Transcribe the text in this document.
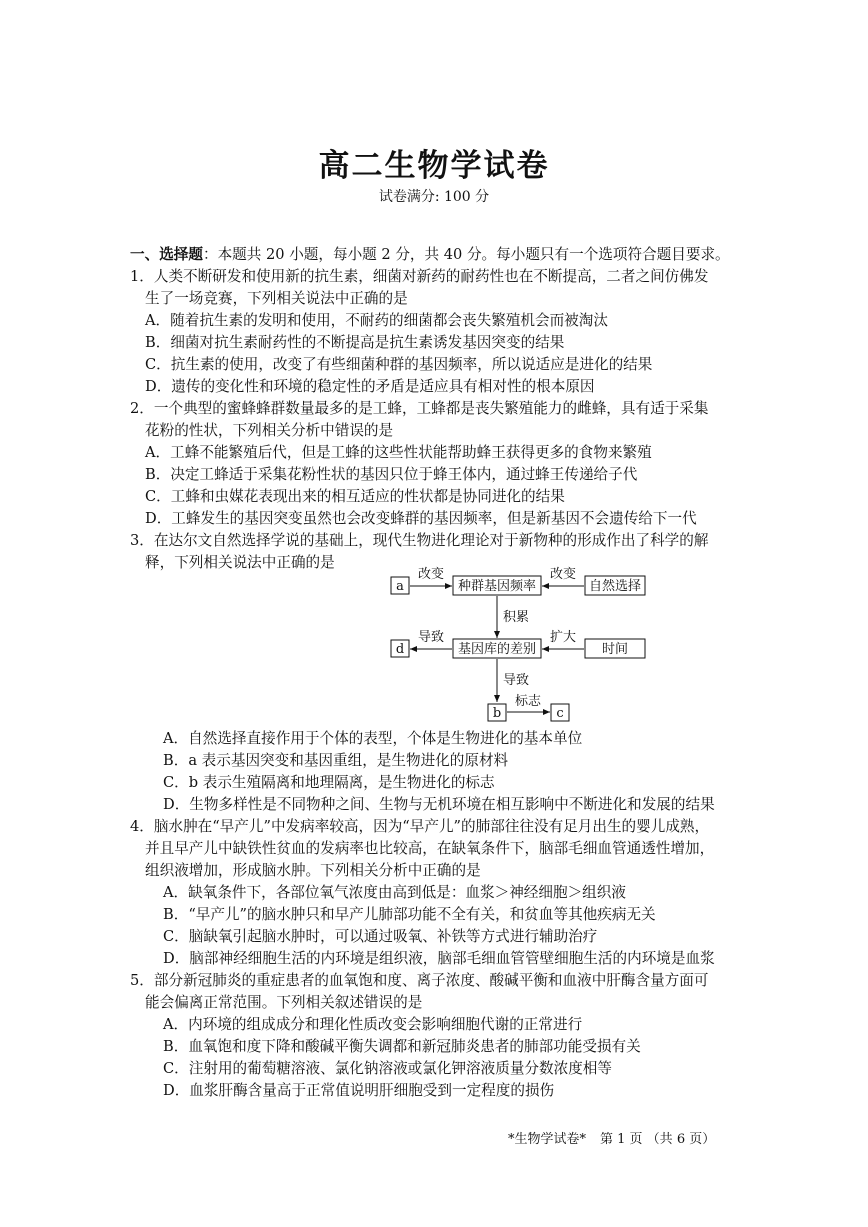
高二生物学试卷
试卷满分: 100 分
一、选择题：本题共 20 小题，每小题 2 分，共 40 分。每小题只有一个选项符合题目要求。
1．人类不断研发和使用新的抗生素，细菌对新药的耐药性也在不断提高，二者之间仿佛发
生了一场竞赛，下列相关说法中正确的是
A．随着抗生素的发明和使用，不耐药的细菌都会丧失繁殖机会而被淘汰
B．细菌对抗生素耐药性的不断提高是抗生素诱发基因突变的结果
C．抗生素的使用，改变了有些细菌种群的基因频率，所以说适应是进化的结果
D．遗传的变化性和环境的稳定性的矛盾是适应具有相对性的根本原因
2．一个典型的蜜蜂蜂群数量最多的是工蜂，工蜂都是丧失繁殖能力的雌蜂，具有适于采集
花粉的性状，下列相关分析中错误的是
A．工蜂不能繁殖后代，但是工蜂的这些性状能帮助蜂王获得更多的食物来繁殖
B．决定工蜂适于采集花粉性状的基因只位于蜂王体内，通过蜂王传递给子代
C．工蜂和虫媒花表现出来的相互适应的性状都是协同进化的结果
D．工蜂发生的基因突变虽然也会改变蜂群的基因频率，但是新基因不会遗传给下一代
3．在达尔文自然选择学说的基础上，现代生物进化理论对于新物种的形成作出了科学的解
释，下列相关说法中正确的是
a	种群基因频率	自然选择
改变	改变
积累
d	基因库的差别	时间
导致	扩大
导致
b	c
标志
A．自然选择直接作用于个体的表型，个体是生物进化的基本单位
B．a 表示基因突变和基因重组，是生物进化的原材料
C．b 表示生殖隔离和地理隔离，是生物进化的标志
D．生物多样性是不同物种之间、生物与无机环境在相互影响中不断进化和发展的结果
4．脑水肿在“早产儿”中发病率较高，因为“早产儿”的肺部往往没有足月出生的婴儿成熟，
并且早产儿中缺铁性贫血的发病率也比较高，在缺氧条件下，脑部毛细血管通透性增加，
组织液增加，形成脑水肿。下列相关分析中正确的是
A．缺氧条件下，各部位氧气浓度由高到低是：血浆＞神经细胞＞组织液
B．“早产儿”的脑水肿只和早产儿肺部功能不全有关，和贫血等其他疾病无关
C．脑缺氧引起脑水肿时，可以通过吸氧、补铁等方式进行辅助治疗
D．脑部神经细胞生活的内环境是组织液，脑部毛细血管管壁细胞生活的内环境是血浆
5．部分新冠肺炎的重症患者的血氧饱和度、离子浓度、酸碱平衡和血液中肝酶含量方面可
能会偏离正常范围。下列相关叙述错误的是
A．内环境的组成成分和理化性质改变会影响细胞代谢的正常进行
B．血氧饱和度下降和酸碱平衡失调都和新冠肺炎患者的肺部功能受损有关
C．注射用的葡萄糖溶液、氯化钠溶液或氯化钾溶液质量分数浓度相等
D．血浆肝酶含量高于正常值说明肝细胞受到一定程度的损伤
*生物学试卷* 第 1 页 （共 6 页）
